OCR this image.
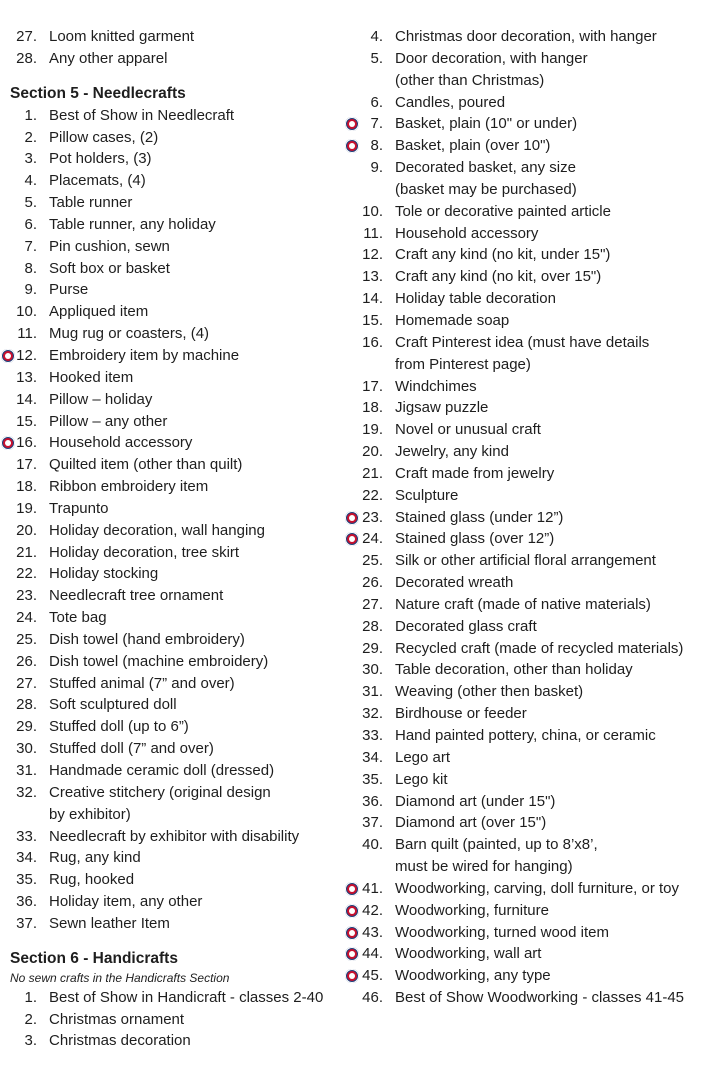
27. Loom knitted garment
28. Any other apparel
Section 5 - Needlecrafts
1. Best of Show in Needlecraft
2. Pillow cases, (2)
3. Pot holders, (3)
4. Placemats, (4)
5. Table runner
6. Table runner, any holiday
7. Pin cushion, sewn
8. Soft box or basket
9. Purse
10. Appliqued item
11. Mug rug or coasters, (4)
12. Embroidery item by machine
13. Hooked item
14. Pillow – holiday
15. Pillow – any other
16. Household accessory
17. Quilted item (other than quilt)
18. Ribbon embroidery item
19. Trapunto
20. Holiday decoration, wall hanging
21. Holiday decoration, tree skirt
22. Holiday stocking
23. Needlecraft tree ornament
24. Tote bag
25. Dish towel (hand embroidery)
26. Dish towel (machine embroidery)
27. Stuffed animal (7” and over)
28. Soft sculptured doll
29. Stuffed doll (up to 6”)
30. Stuffed doll (7” and over)
31. Handmade ceramic doll (dressed)
32. Creative stitchery (original design
by exhibitor)
33. Needlecraft by exhibitor with disability
34. Rug, any kind
35. Rug, hooked
36. Holiday item, any other
37. Sewn leather Item
Section 6 - Handicrafts
No sewn crafts in the Handicrafts Section
1. Best of Show in Handicraft - classes 2-40
2. Christmas ornament
3. Christmas decoration
4. Christmas door decoration, with hanger
5. Door decoration, with hanger
(other than Christmas)
6. Candles, poured
7. Basket, plain (10" or under)
8. Basket, plain (over 10")
9. Decorated basket, any size
(basket may be purchased)
10. Tole or decorative painted article
11. Household accessory
12. Craft any kind (no kit, under 15")
13. Craft any kind (no kit, over 15")
14. Holiday table decoration
15. Homemade soap
16. Craft Pinterest idea (must have details
from Pinterest page)
17. Windchimes
18. Jigsaw puzzle
19. Novel or unusual craft
20. Jewelry, any kind
21. Craft made from jewelry
22. Sculpture
23. Stained glass (under 12”)
24. Stained glass (over 12”)
25. Silk or other artificial floral arrangement
26. Decorated wreath
27. Nature craft (made of native materials)
28. Decorated glass craft
29. Recycled craft (made of recycled materials)
30. Table decoration, other than holiday
31. Weaving (other then basket)
32. Birdhouse or feeder
33. Hand painted pottery, china, or ceramic
34. Lego art
35. Lego kit
36. Diamond art (under 15")
37. Diamond art (over 15")
40. Barn quilt (painted, up to 8’x8’,
must be wired for hanging)
41. Woodworking, carving, doll furniture, or toy
42. Woodworking, furniture
43. Woodworking, turned wood item
44. Woodworking, wall art
45. Woodworking, any type
46. Best of Show Woodworking - classes 41-45
